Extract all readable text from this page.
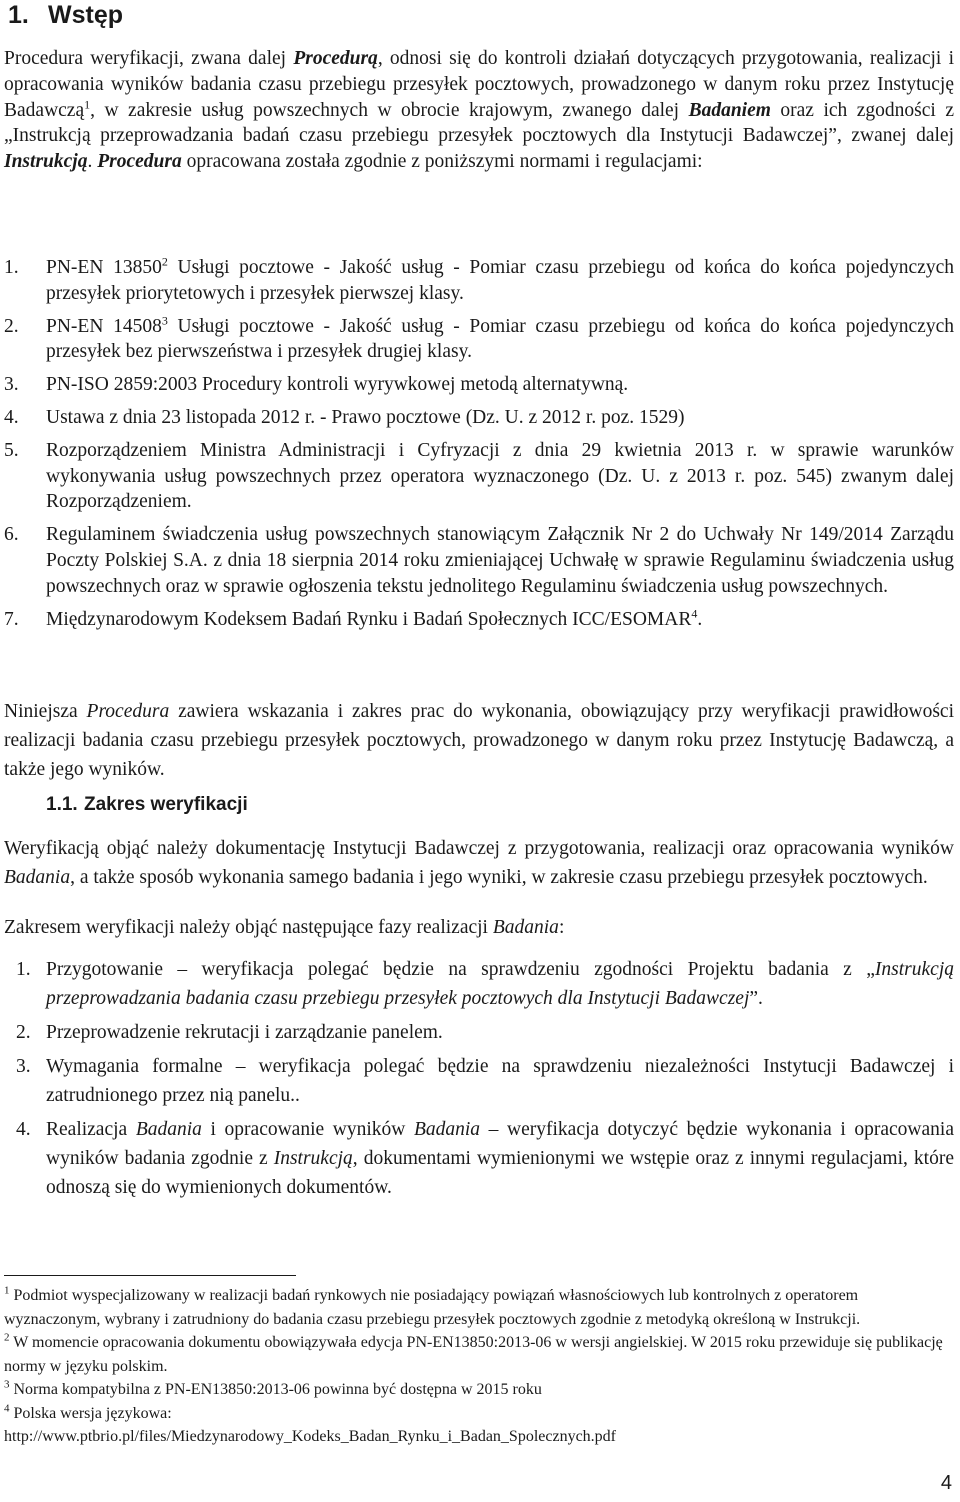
1. Wstęp

Procedura weryfikacji, zwana dalej Procedurą, odnosi się do kontroli działań dotyczących przygotowania, realizacji i opracowania wyników badania czasu przebiegu przesyłek pocztowych, prowadzonego w danym roku przez Instytucję Badawczą$^1$, w zakresie usług powszechnych w obrocie krajowym, zwanego dalej Badaniem oraz ich zgodności z „Instrukcją przeprowadzania badań czasu przebiegu przesyłek pocztowych dla Instytucji Badawczej”, zwanej dalej Instrukcją. Procedura opracowana została zgodnie z poniższymi normami i regulacjami:

1. PN-EN 13850$^2$ Usługi pocztowe - Jakość usług - Pomiar czasu przebiegu od końca do końca pojedynczych przesyłek priorytetowych i przesyłek pierwszej klasy.
2. PN-EN 14508$^3$ Usługi pocztowe - Jakość usług - Pomiar czasu przebiegu od końca do końca pojedynczych przesyłek bez pierwszeństwa i przesyłek drugiej klasy.
3. PN-ISO 2859:2003 Procedury kontroli wyrywkowej metodą alternatywną.
4. Ustawa z dnia 23 listopada 2012 r. - Prawo pocztowe (Dz. U. z 2012 r. poz. 1529)
5. Rozporządzeniem Ministra Administracji i Cyfryzacji z dnia 29 kwietnia 2013 r. w sprawie warunków wykonywania usług powszechnych przez operatora wyznaczonego (Dz. U. z 2013 r. poz. 545) zwanym dalej Rozporządzeniem.
6. Regulaminem świadczenia usług powszechnych stanowiącym Załącznik Nr 2 do Uchwały Nr 149/2014 Zarządu Poczty Polskiej S.A. z dnia 18 sierpnia 2014 roku zmieniającej Uchwałę w sprawie Regulaminu świadczenia usług powszechnych oraz w sprawie ogłoszenia tekstu jednolitego Regulaminu świadczenia usług powszechnych.
7. Międzynarodowym Kodeksem Badań Rynku i Badań Społecznych ICC/ESOMAR$^4$.

Niniejsza Procedura zawiera wskazania i zakres prac do wykonania, obowiązujący przy weryfikacji prawidłowości realizacji badania czasu przebiegu przesyłek pocztowych, prowadzonego w danym roku przez Instytucję Badawczą, a także jego wyników.

1.1. Zakres weryfikacji

Weryfikacją objąć należy dokumentację Instytucji Badawczej z przygotowania, realizacji oraz opracowania wyników Badania, a także sposób wykonania samego badania i jego wyniki, w zakresie czasu przebiegu przesyłek pocztowych.

Zakresem weryfikacji należy objąć następujące fazy realizacji Badania:

1. Przygotowanie – weryfikacja polegać będzie na sprawdzeniu zgodności Projektu badania z „Instrukcją przeprowadzania badania czasu przebiegu przesyłek pocztowych dla Instytucji Badawczej”.
2. Przeprowadzenie rekrutacji i zarządzanie panelem.
3. Wymagania formalne – weryfikacja polegać będzie na sprawdzeniu niezależności Instytucji Badawczej i zatrudnionego przez nią panelu..
4. Realizacja Badania i opracowanie wyników Badania – weryfikacja dotyczyć będzie wykonania i opracowania wyników badania zgodnie z Instrukcją, dokumentami wymienionymi we wstępie oraz z innymi regulacjami, które odnoszą się do wymienionych dokumentów.

$^1$ Podmiot wyspecjalizowany w realizacji badań rynkowych nie posiadający powiązań własnościowych lub kontrolnych z operatorem wyznaczonym, wybrany i zatrudniony do badania czasu przebiegu przesyłek pocztowych zgodnie z metodyką określoną w Instrukcji.

$^2$ W momencie opracowania dokumentu obowiązywała edycja PN-EN13850:2013-06 w wersji angielskiej. W 2015 roku przewiduje się publikację normy w języku polskim.

$^3$ Norma kompatybilna z PN-EN13850:2013-06 powinna być dostępna w 2015 roku

$^4$ Polska wersja językowa:

http://www.ptbrio.pl/files/Miedzynarodowy_Kodeks_Badan_Rynku_i_Badan_Spolecznych.pdf

4
